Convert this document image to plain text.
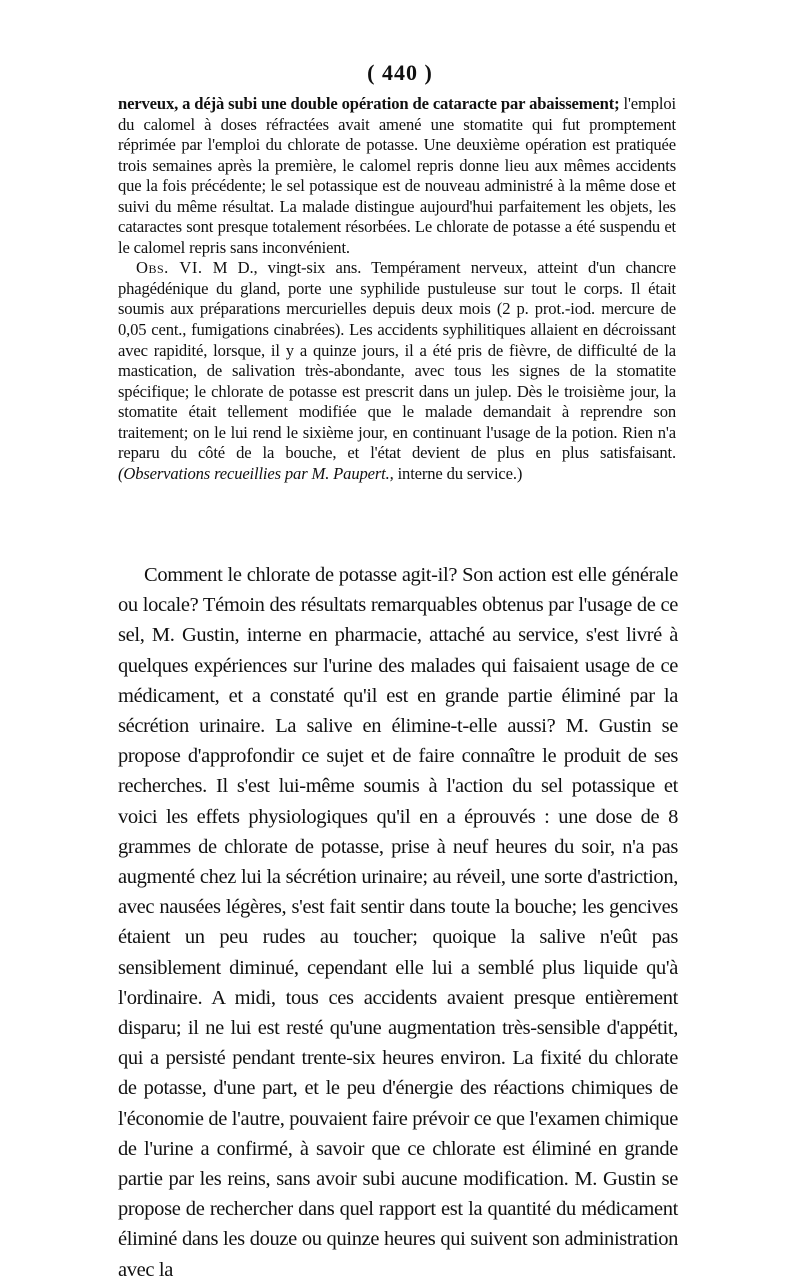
( 440 )

nerveux, a déjà subi une double opération de cataracte par abaissement; l'emploi du calomel à doses réfractées avait amené une stomatite qui fut promptement réprimée par l'emploi du chlorate de potasse. Une deuxième opération est pratiquée trois semaines après la première, le calomel repris donne lieu aux mêmes accidents que la fois précédente; le sel potassique est de nouveau administré à la même dose et suivi du même résultat. La malade distingue aujourd'hui parfaitement les objets, les cataractes sont presque totalement résorbées. Le chlorate de potasse a été suspendu et le calomel repris sans inconvénient.

Obs. VI. M D., vingt-six ans. Tempérament nerveux, atteint d'un chancre phagédénique du gland, porte une syphilide pustuleuse sur tout le corps. Il était soumis aux préparations mercurielles depuis deux mois (2 p. prot.-iod. mercure de 0,05 cent., fumigations cinabrées). Les accidents syphilitiques allaient en décroissant avec rapidité, lorsque, il y a quinze jours, il a été pris de fièvre, de difficulté de la mastication, de salivation très-abondante, avec tous les signes de la stomatite spécifique; le chlorate de potasse est prescrit dans un julep. Dès le troisième jour, la stomatite était tellement modifiée que le malade demandait à reprendre son traitement; on le lui rend le sixième jour, en continuant l'usage de la potion. Rien n'a reparu du côté de la bouche, et l'état devient de plus en plus satisfaisant. (Observations recueillies par M. Paupert., interne du service.)

Comment le chlorate de potasse agit-il? Son action est elle générale ou locale? Témoin des résultats remarquables obtenus par l'usage de ce sel, M. Gustin, interne en pharmacie, attaché au service, s'est livré à quelques expériences sur l'urine des malades qui faisaient usage de ce médicament, et a constaté qu'il est en grande partie éliminé par la sécrétion urinaire. La salive en élimine-t-elle aussi? M. Gustin se propose d'approfondir ce sujet et de faire connaître le produit de ses recherches. Il s'est lui-même soumis à l'action du sel potassique et voici les effets physiologiques qu'il en a éprouvés : une dose de 8 grammes de chlorate de potasse, prise à neuf heures du soir, n'a pas augmenté chez lui la sécrétion urinaire; au réveil, une sorte d'astriction, avec nausées légères, s'est fait sentir dans toute la bouche; les gencives étaient un peu rudes au toucher; quoique la salive n'eût pas sensiblement diminué, cependant elle lui a semblé plus liquide qu'à l'ordinaire. A midi, tous ces accidents avaient presque entièrement disparu; il ne lui est resté qu'une augmentation très-sensible d'appétit, qui a persisté pendant trente-six heures environ. La fixité du chlorate de potasse, d'une part, et le peu d'énergie des réactions chimiques de l'économie de l'autre, pouvaient faire prévoir ce que l'examen chimique de l'urine a confirmé, à savoir que ce chlorate est éliminé en grande partie par les reins, sans avoir subi aucune modification. M. Gustin se propose de rechercher dans quel rapport est la quantité du médicament éliminé dans les douze ou quinze heures qui suivent son administration avec la
